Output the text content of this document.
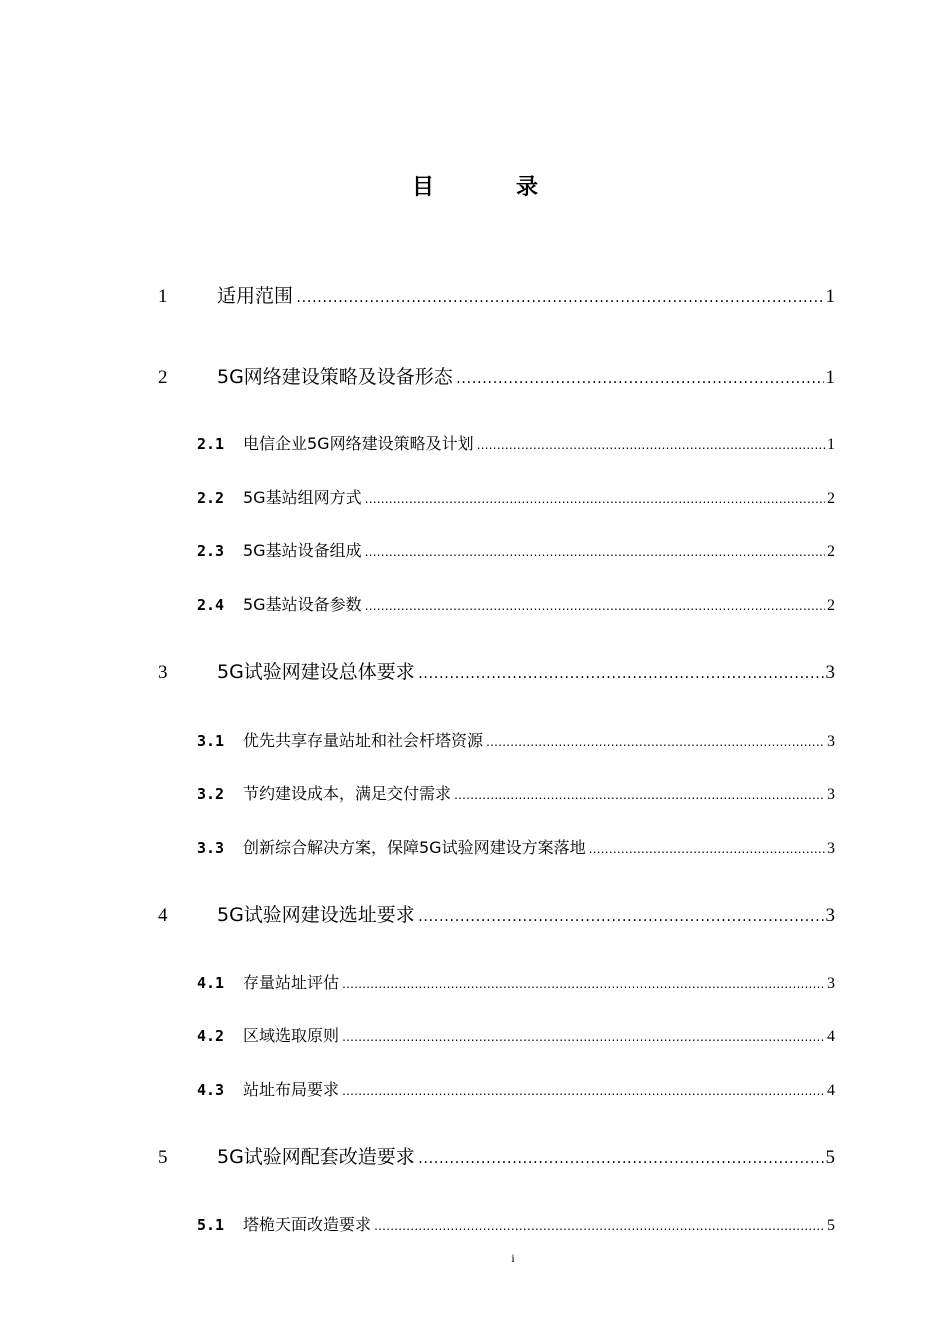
目　录
1	适用范围 .....	1
2	5G网络建设策略及设备形态 .....	1
2.1	电信企业5G网络建设策略及计划 .....	1
2.2	5G基站组网方式 .....	2
2.3	5G基站设备组成 .....	2
2.4	5G基站设备参数 .....	2
3	5G试验网建设总体要求 .....	3
3.1	优先共享存量站址和社会杆塔资源 .....	3
3.2	节约建设成本，满足交付需求 .....	3
3.3	创新综合解决方案，保障5G试验网建设方案落地 .....	3
4	5G试验网建设选址要求 .....	3
4.1	存量站址评估 .....	3
4.2	区域选取原则 .....	4
4.3	站址布局要求 .....	4
5	5G试验网配套改造要求 .....	5
5.1	塔桅天面改造要求 .....	5
i
